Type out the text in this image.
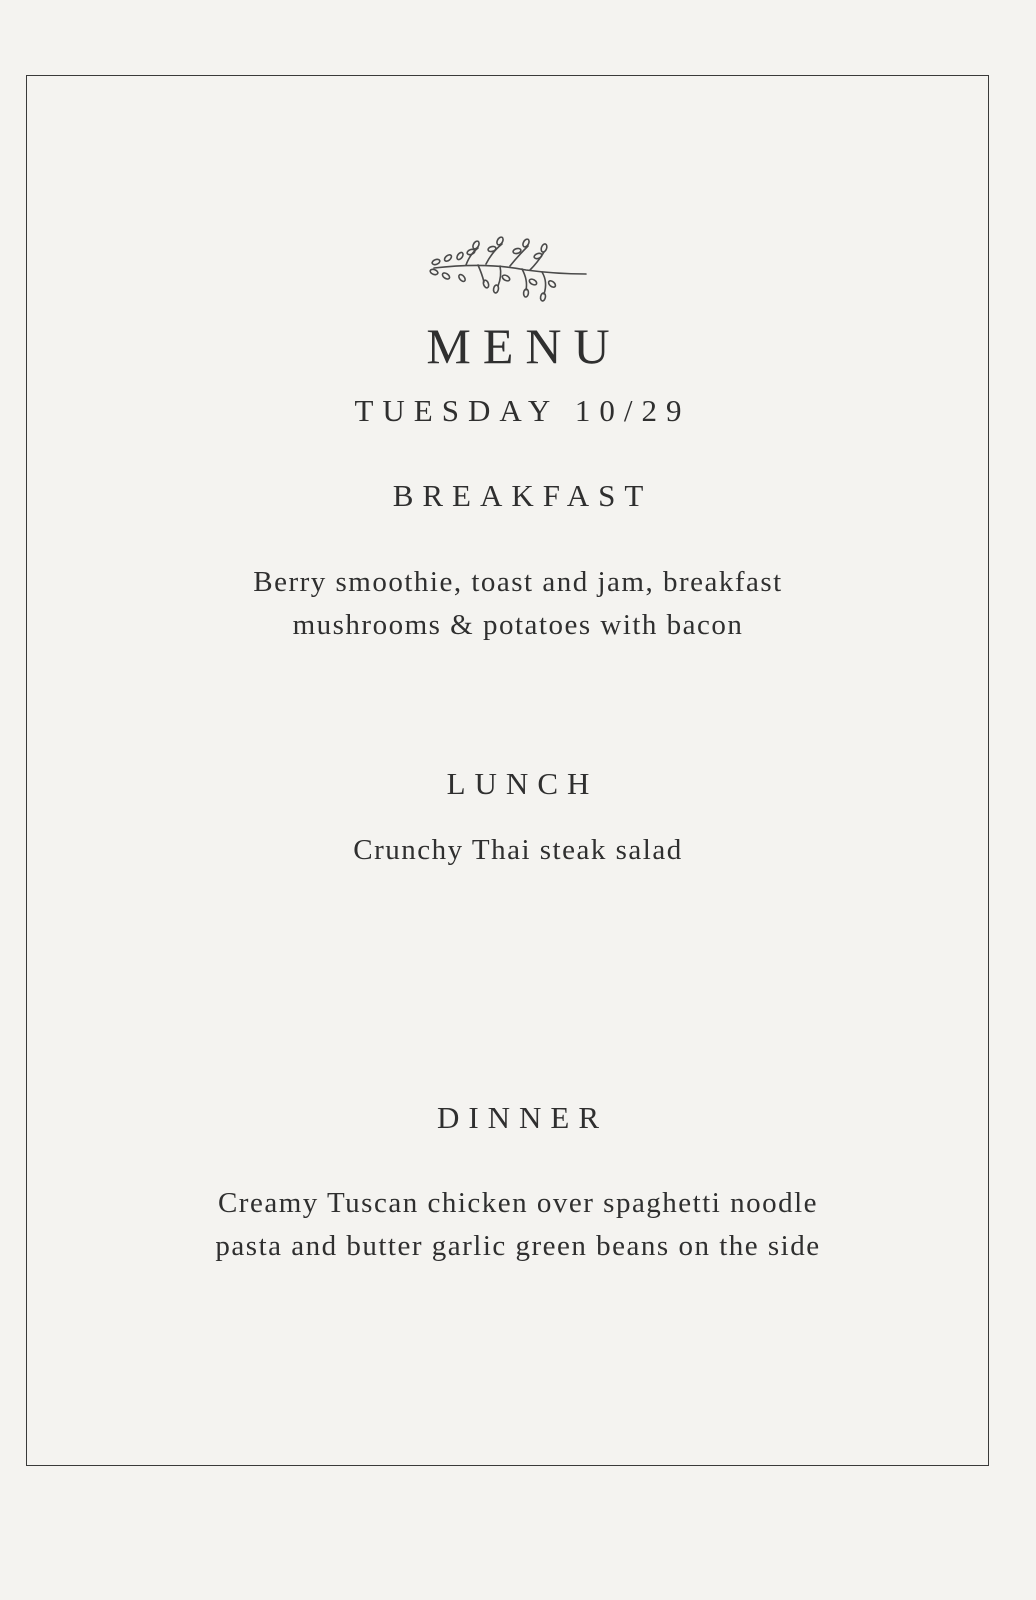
MENU
TUESDAY 10/29
BREAKFAST
Berry smoothie, toast and jam, breakfast
mushrooms & potatoes with bacon
LUNCH
Crunchy Thai steak salad
DINNER
Creamy Tuscan chicken over spaghetti noodle
pasta and butter garlic green beans on the side
